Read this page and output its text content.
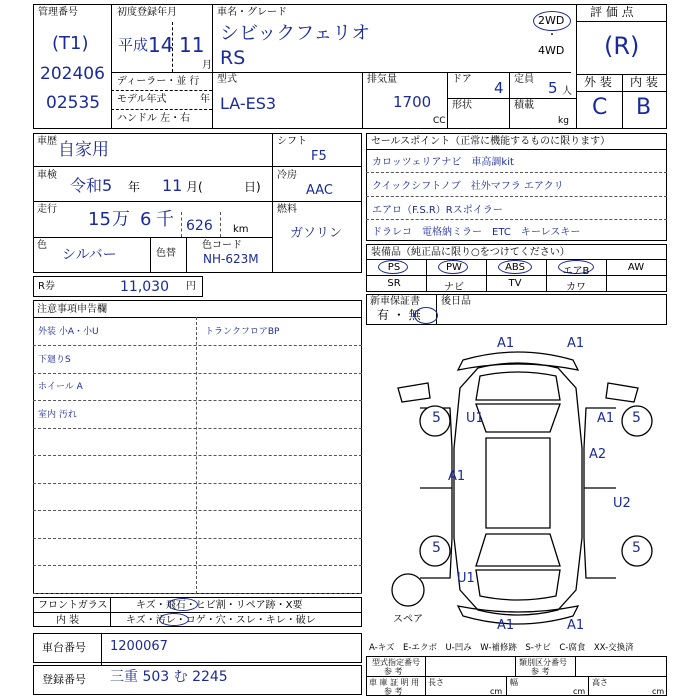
管理番号
(T1)
202406
02535
初度登録年月
平成 14 11
月
車名・グレード
シビックフェリオ
RS
2WD
・
4WD
評 価 点
(R)
外 装 内 装
C B
ディーラー・並 行
モデル年式	年
ハンドル 左・右
型式
LA-ES3
排気量
1700
CC
ドア 4
形状
定員 5 人
積載
kg
車歴 自家用
車検
令和5 年 11 月(	日)
走行 15 万 6 千 626 km
色
シルバー	色替
色コード
NH-623M
シフト
F5
冷房
AAC
燃料
ガソリン
R券	11,030 円
セールスポイント（正常に機能するものに限ります）
カロッツェリアナビ　車高調kit
クイックシフトノブ　社外マフラ エアクリ
エアロ（F.S.R）Rスポイラー
ドラレコ　電格納ミラー　ETC　キーレスキー
装備品（純正品に限り○をつけてください）
PS	PW	ABS	エアB	AW
SR	ナビ	TV	カワ
新車保証書
有 ・ 無
後日品
注意事項申告欄
外装 小A・小U
下廻りS
ホイール A
室内 汚れ
トランクフロアBP
A1	A1
U1	A1
5	5
A1
A2
U2
5	5
U1
A1	A1
スペア
フロントガラス	キズ・飛石・ヒビ割・リペア跡・X要
内 装	キズ・汚レ・コゲ・穴・スレ・キレ・破レ
車台番号 1200067
登録番号 三重 503 む 2245
A-キズ　E-エクボ　U-凹み　W-補修跡　S-サビ　C-腐食　XX-交換済
型式指定番号
参 考
類別区分番号
参 考
車 庫 証 明 用
参 考
長さ
cm
幅
cm
高さ
cm
